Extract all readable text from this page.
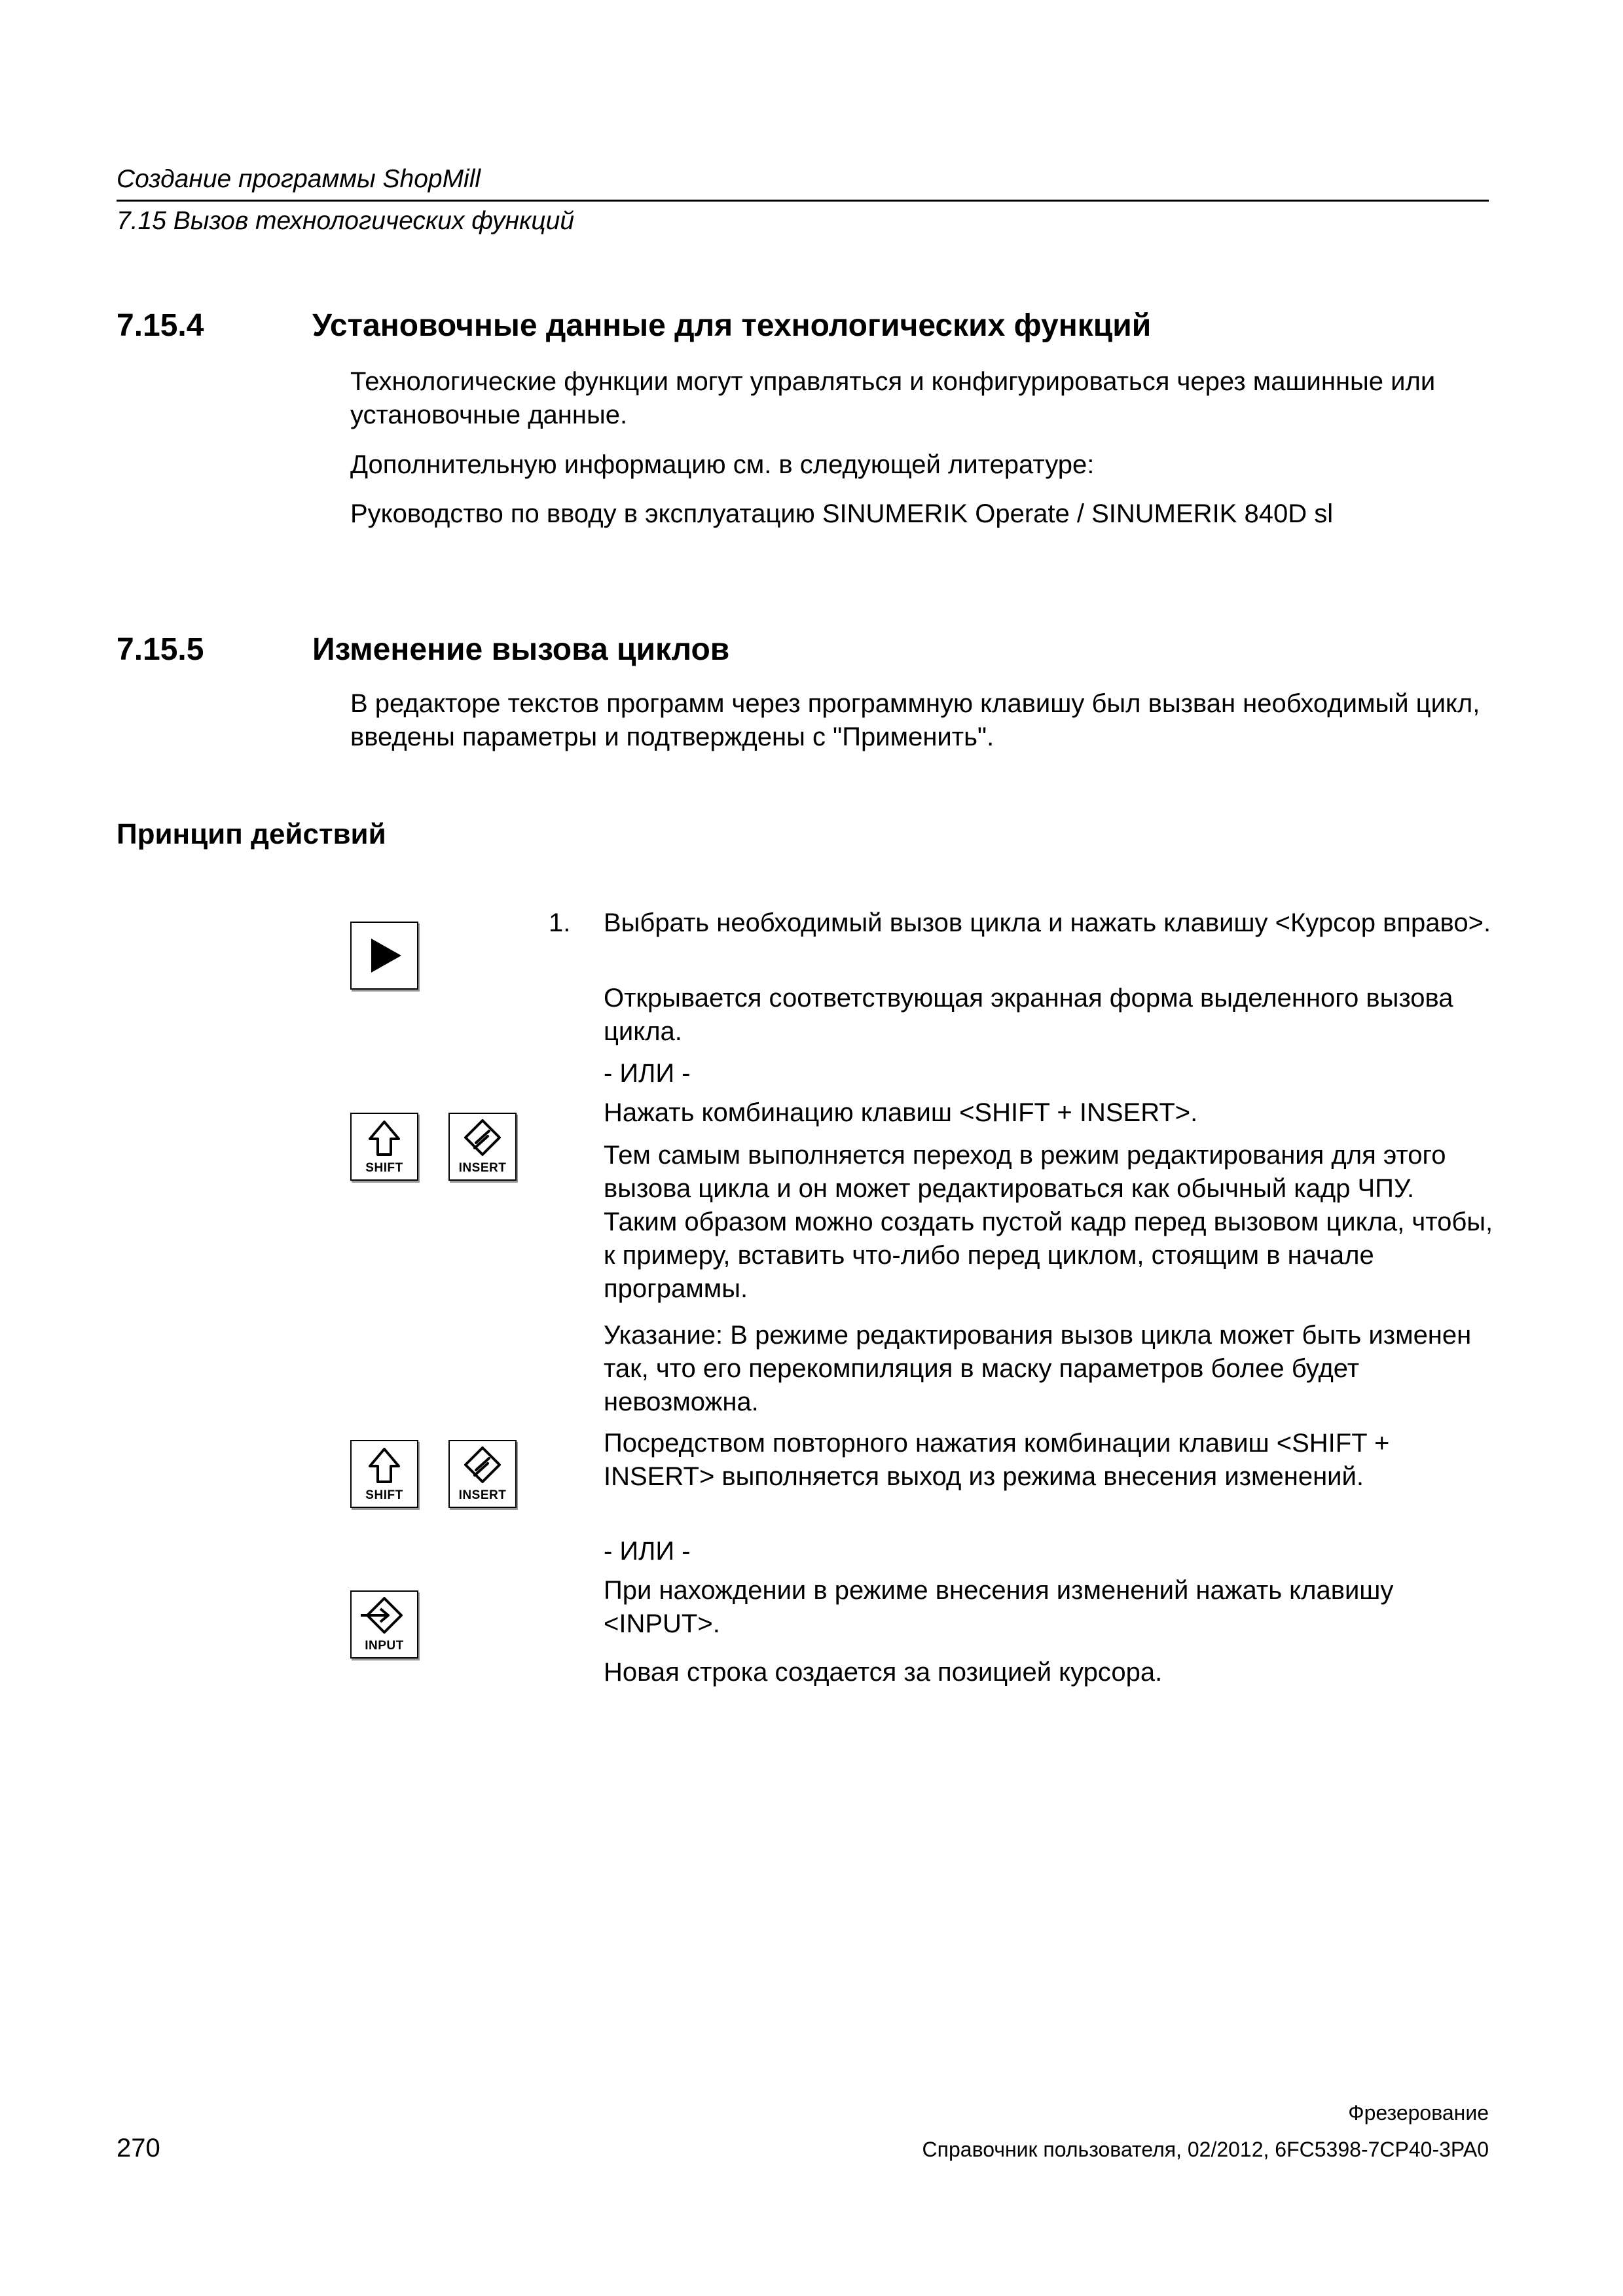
Создание программы ShopMill
7.15 Вызов технологических функций
7.15.4	Установочные данные для технологических функций
Технологические функции могут управляться и конфигурироваться через машинные или установочные данные.
Дополнительную информацию см. в следующей литературе:
Руководство по вводу в эксплуатацию SINUMERIK Operate / SINUMERIK 840D sl
7.15.5	Изменение вызова циклов
В редакторе текстов программ через программную клавишу был вызван необходимый цикл, введены параметры и подтверждены с "Применить".
Принцип действий
1. Выбрать необходимый вызов цикла и нажать клавишу <Курсор вправо>.
Открывается соответствующая экранная форма выделенного вызова цикла.
- ИЛИ -
Нажать комбинацию клавиш <SHIFT + INSERT>.
Тем самым выполняется переход в режим редактирования для этого вызова цикла и он может редактироваться как обычный кадр ЧПУ. Таким образом можно создать пустой кадр перед вызовом цикла, чтобы, к примеру, вставить что-либо перед циклом, стоящим в начале программы.
Указание: В режиме редактирования вызов цикла может быть изменен так, что его перекомпиляция в маску параметров более будет невозможна.
Посредством повторного нажатия комбинации клавиш <SHIFT + INSERT> выполняется выход из режима внесения изменений.
- ИЛИ -
При нахождении в режиме внесения изменений нажать клавишу <INPUT>.
Новая строка создается за позицией курсора.
SHIFT	INSERT
SHIFT	INSERT
INPUT
Фрезерование
270	Справочник пользователя, 02/2012, 6FC5398-7CP40-3PA0
